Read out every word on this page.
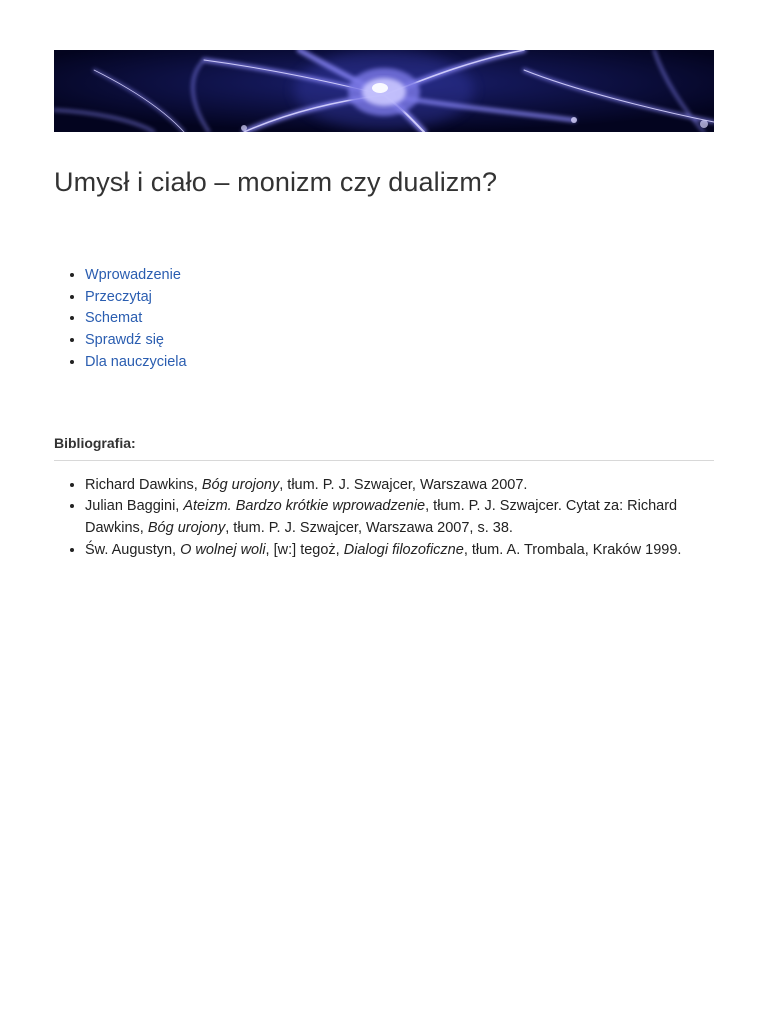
Umysł i ciało – monizm czy dualizm?
• Wprowadzenie
• Przeczytaj
• Schemat
• Sprawdź się
• Dla nauczyciela
Bibliografia:
• Richard Dawkins, Bóg urojony, tłum. P. J. Szwajcer, Warszawa 2007.
• Julian Baggini, Ateizm. Bardzo krótkie wprowadzenie, tłum. P. J. Szwajcer. Cytat za: Richard Dawkins, Bóg urojony, tłum. P. J. Szwajcer, Warszawa 2007, s. 38.
• Św. Augustyn, O wolnej woli, [w:] tegoż, Dialogi filozoficzne, tłum. A. Trombala, Kraków 1999.
